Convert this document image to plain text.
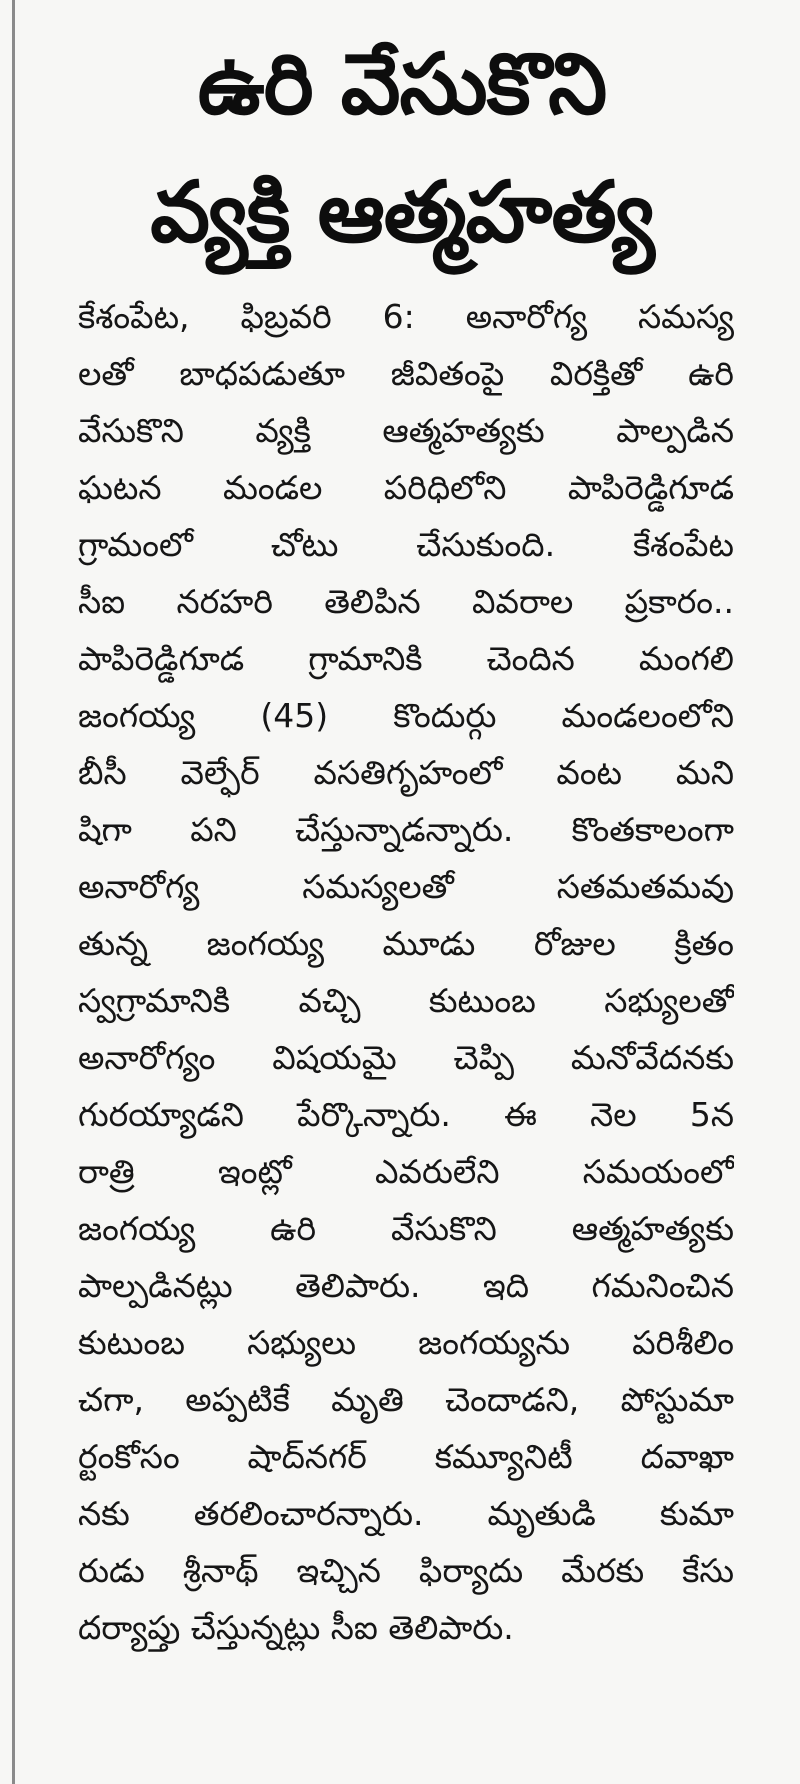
ఉరి వేసుకొని
వ్యక్తి ఆత్మహత్య
కేశంపేట, ఫిబ్రవరి 6: అనారోగ్య సమస్య
లతో బాధపడుతూ జీవితంపై విరక్తితో ఉరి
వేసుకొని వ్యక్తి ఆత్మహత్యకు పాల్పడిన
ఘటన మండల పరిధిలోని పాపిరెడ్డిగూడ
గ్రామంలో చోటు చేసుకుంది. కేశంపేట
సీఐ నరహరి తెలిపిన వివరాల ప్రకారం..
పాపిరెడ్డిగూడ గ్రామానికి చెందిన మంగలి
జంగయ్య (45) కొందుర్గు మండలంలోని
బీసీ వెల్ఫేర్ వసతిగృహంలో వంట మని
షిగా పని చేస్తున్నాడన్నారు. కొంతకాలంగా
అనారోగ్య సమస్యలతో సతమతమవు
తున్న జంగయ్య మూడు రోజుల క్రితం
స్వగ్రామానికి వచ్చి కుటుంబ సభ్యులతో
అనారోగ్యం విషయమై చెప్పి మనోవేదనకు
గురయ్యాడని పేర్కొన్నారు. ఈ నెల 5న
రాత్రి ఇంట్లో ఎవరులేని సమయంలో
జంగయ్య ఉరి వేసుకొని ఆత్మహత్యకు
పాల్పడినట్లు తెలిపారు. ఇది గమనించిన
కుటుంబ సభ్యులు జంగయ్యను పరిశీలిం
చగా, అప్పటికే మృతి చెందాడని, పోస్టుమా
ర్టంకోసం షాద్‌నగర్ కమ్యూనిటీ దవాఖా
నకు తరలించారన్నారు. మృతుడి కుమా
రుడు శ్రీనాథ్ ఇచ్చిన ఫిర్యాదు మేరకు కేసు
దర్యాప్తు చేస్తున్నట్లు సీఐ తెలిపారు.
